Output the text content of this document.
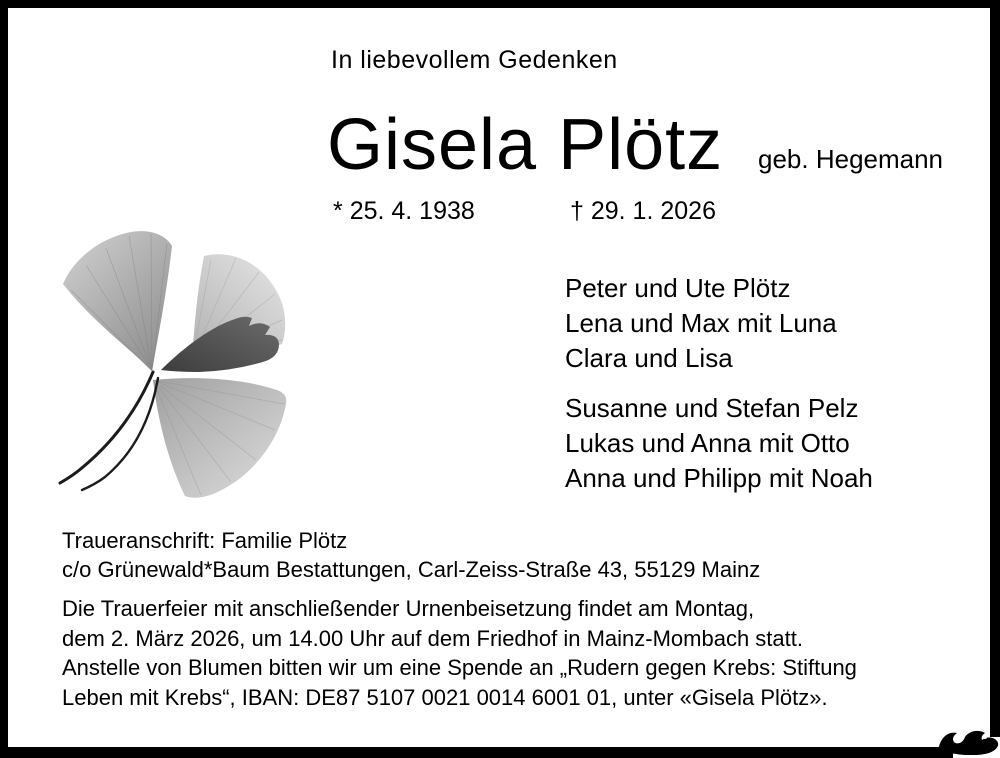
In liebevollem Gedenken
Gisela Plötz geb. Hegemann
* 25. 4. 1938	† 29. 1. 2026
Peter und Ute Plötz
Lena und Max mit Luna
Clara und Lisa
Susanne und Stefan Pelz
Lukas und Anna mit Otto
Anna und Philipp mit Noah
Traueranschrift: Familie Plötz
c/o Grünewald*Baum Bestattungen, Carl-Zeiss-Straße 43, 55129 Mainz
Die Trauerfeier mit anschließender Urnenbeisetzung findet am Montag,
dem 2. März 2026, um 14.00 Uhr auf dem Friedhof in Mainz-Mombach statt.
Anstelle von Blumen bitten wir um eine Spende an „Rudern gegen Krebs: Stiftung
Leben mit Krebs“, IBAN: DE87 5107 0021 0014 6001 01, unter «Gisela Plötz».
